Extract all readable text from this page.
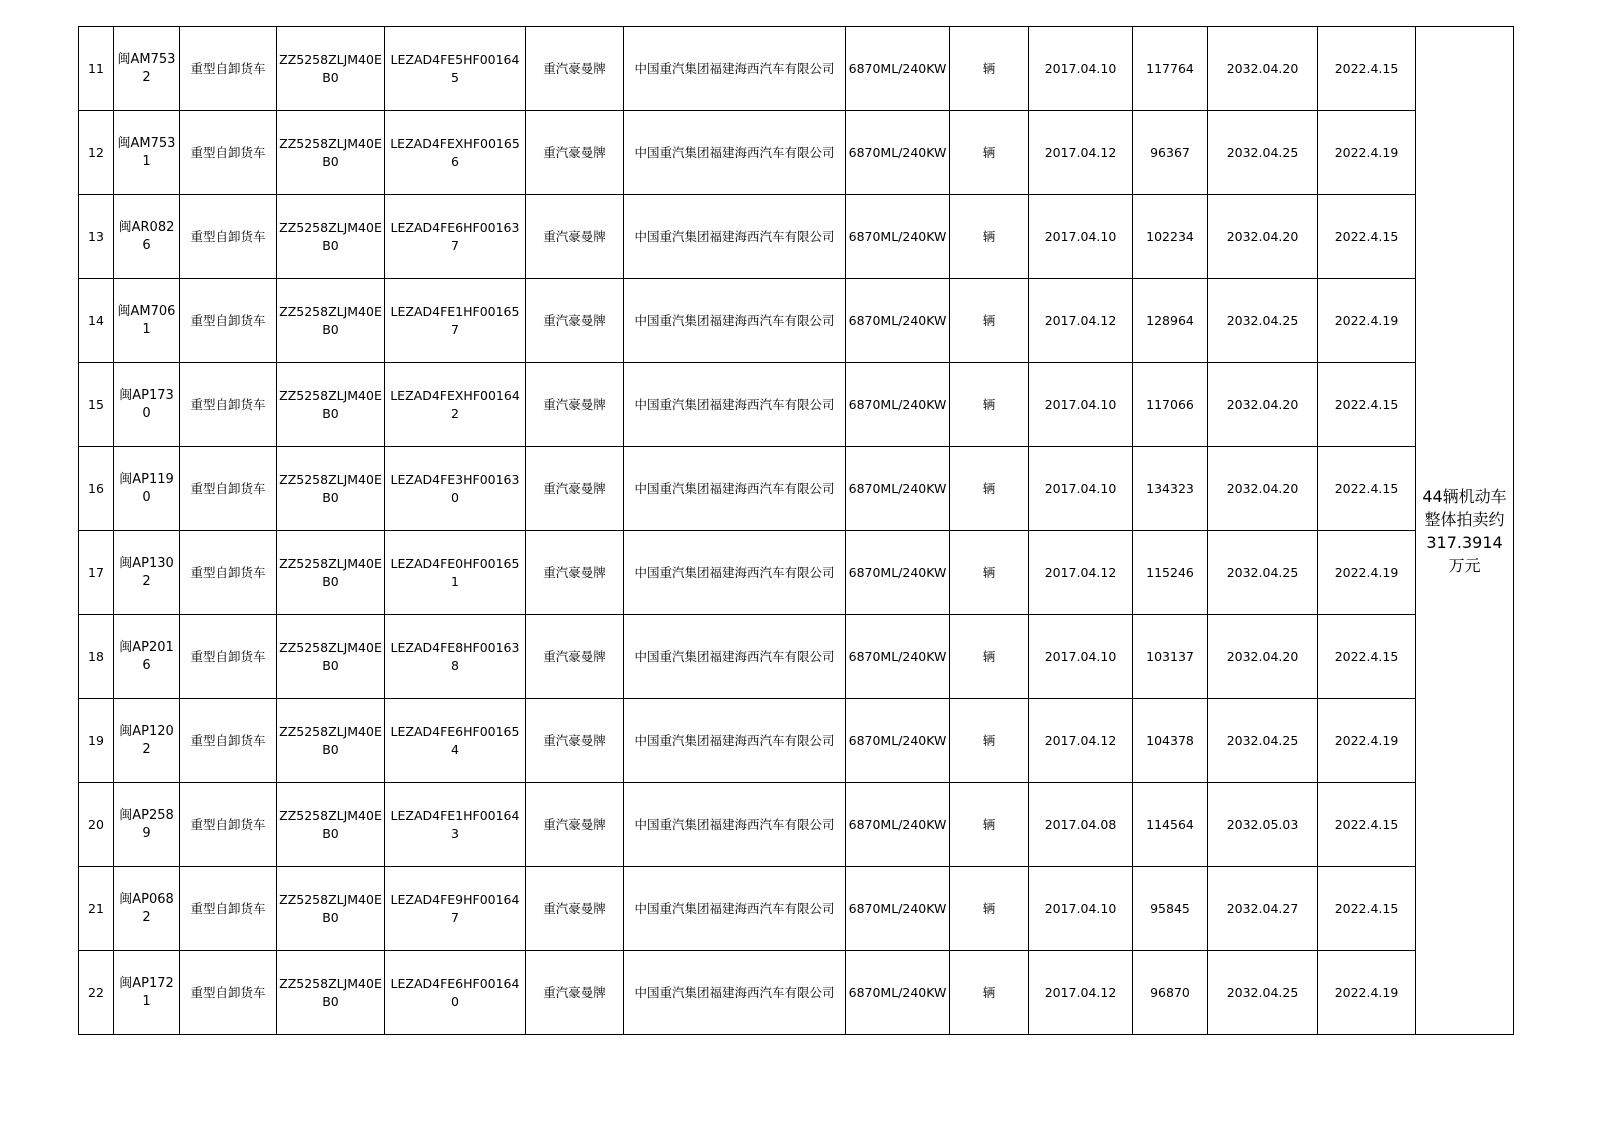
11	闽AM7532	重型自卸货车	ZZ5258ZLJM40EB0	LEZAD4FE5HF001645	重汽豪曼牌	中国重汽集团福建海西汽车有限公司	6870ML/240KW	辆	2017.04.10	117764	2032.04.20	2022.4.15	44辆机动车整体拍卖约317.3914万元
12	闽AM7531	重型自卸货车	ZZ5258ZLJM40EB0	LEZAD4FEXHF001656	重汽豪曼牌	中国重汽集团福建海西汽车有限公司	6870ML/240KW	辆	2017.04.12	96367	2032.04.25	2022.4.19	
13	闽AR0826	重型自卸货车	ZZ5258ZLJM40EB0	LEZAD4FE6HF001637	重汽豪曼牌	中国重汽集团福建海西汽车有限公司	6870ML/240KW	辆	2017.04.10	102234	2032.04.20	2022.4.15	
14	闽AM7061	重型自卸货车	ZZ5258ZLJM40EB0	LEZAD4FE1HF001657	重汽豪曼牌	中国重汽集团福建海西汽车有限公司	6870ML/240KW	辆	2017.04.12	128964	2032.04.25	2022.4.19	
15	闽AP1730	重型自卸货车	ZZ5258ZLJM40EB0	LEZAD4FEXHF001642	重汽豪曼牌	中国重汽集团福建海西汽车有限公司	6870ML/240KW	辆	2017.04.10	117066	2032.04.20	2022.4.15	
16	闽AP1190	重型自卸货车	ZZ5258ZLJM40EB0	LEZAD4FE3HF001630	重汽豪曼牌	中国重汽集团福建海西汽车有限公司	6870ML/240KW	辆	2017.04.10	134323	2032.04.20	2022.4.15	
17	闽AP1302	重型自卸货车	ZZ5258ZLJM40EB0	LEZAD4FE0HF001651	重汽豪曼牌	中国重汽集团福建海西汽车有限公司	6870ML/240KW	辆	2017.04.12	115246	2032.04.25	2022.4.19	
18	闽AP2016	重型自卸货车	ZZ5258ZLJM40EB0	LEZAD4FE8HF001638	重汽豪曼牌	中国重汽集团福建海西汽车有限公司	6870ML/240KW	辆	2017.04.10	103137	2032.04.20	2022.4.15	
19	闽AP1202	重型自卸货车	ZZ5258ZLJM40EB0	LEZAD4FE6HF001654	重汽豪曼牌	中国重汽集团福建海西汽车有限公司	6870ML/240KW	辆	2017.04.12	104378	2032.04.25	2022.4.19	
20	闽AP2589	重型自卸货车	ZZ5258ZLJM40EB0	LEZAD4FE1HF001643	重汽豪曼牌	中国重汽集团福建海西汽车有限公司	6870ML/240KW	辆	2017.04.08	114564	2032.05.03	2022.4.15	
21	闽AP0682	重型自卸货车	ZZ5258ZLJM40EB0	LEZAD4FE9HF001647	重汽豪曼牌	中国重汽集团福建海西汽车有限公司	6870ML/240KW	辆	2017.04.10	95845	2032.04.27	2022.4.15	
22	闽AP1721	重型自卸货车	ZZ5258ZLJM40EB0	LEZAD4FE6HF001640	重汽豪曼牌	中国重汽集团福建海西汽车有限公司	6870ML/240KW	辆	2017.04.12	96870	2032.04.25	2022.4.19	
